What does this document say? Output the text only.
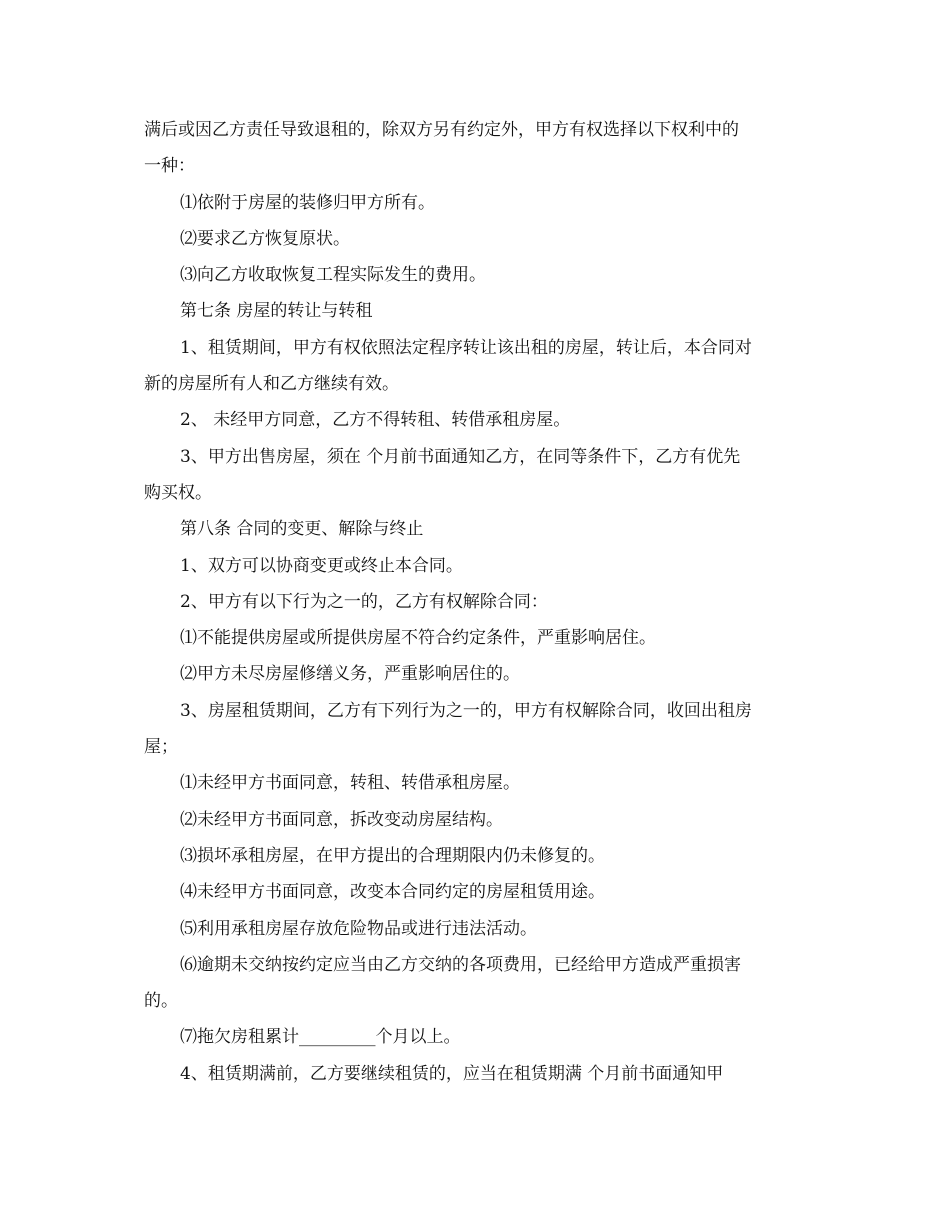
满后或因乙方责任导致退租的，除双方另有约定外，甲方有权选择以下权利中的
一种：
⑴依附于房屋的装修归甲方所有。
⑵要求乙方恢复原状。
⑶向乙方收取恢复工程实际发生的费用。
第七条 房屋的转让与转租
1、租赁期间，甲方有权依照法定程序转让该出租的房屋，转让后，本合同对
新的房屋所有人和乙方继续有效。
2、 未经甲方同意，乙方不得转租、转借承租房屋。
3、甲方出售房屋，须在 个月前书面通知乙方，在同等条件下，乙方有优先
购买权。
第八条 合同的变更、解除与终止
1、双方可以协商变更或终止本合同。
2、甲方有以下行为之一的，乙方有权解除合同：
⑴不能提供房屋或所提供房屋不符合约定条件，严重影响居住。
⑵甲方未尽房屋修缮义务，严重影响居住的。
3、房屋租赁期间，乙方有下列行为之一的，甲方有权解除合同，收回出租房
屋；
⑴未经甲方书面同意，转租、转借承租房屋。
⑵未经甲方书面同意，拆改变动房屋结构。
⑶损坏承租房屋，在甲方提出的合理期限内仍未修复的。
⑷未经甲方书面同意，改变本合同约定的房屋租赁用途。
⑸利用承租房屋存放危险物品或进行违法活动。
⑹逾期未交纳按约定应当由乙方交纳的各项费用，已经给甲方造成严重损害
的。
⑺拖欠房租累计_________个月以上。
4、租赁期满前，乙方要继续租赁的，应当在租赁期满 个月前书面通知甲
